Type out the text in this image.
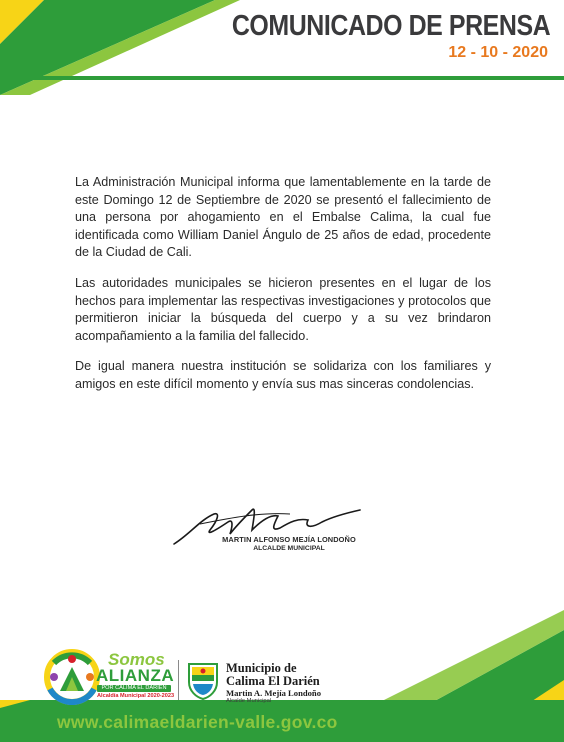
COMUNICADO DE PRENSA
12 - 10 - 2020

La Administración Municipal informa que lamentablemente en la tarde de este Domingo 12 de Septiembre de 2020 se presentó el fallecimiento de una persona por ahogamiento en el Embalse Calima, la cual fue identificada como William Daniel Ángulo de 25 años de edad, procedente de la Ciudad de Cali.

Las autoridades municipales se hicieron presentes en el lugar de los hechos para implementar las respectivas investigaciones y protocolos que permitieron iniciar la búsqueda del cuerpo y a su vez brindaron acompañamiento a la familia del fallecido.

De igual manera nuestra institución se solidariza con los familiares y amigos en este difícil momento y envía sus mas sinceras condolencias.

MARTIN ALFONSO MEJÍA LONDOÑO
ALCALDE MUNICIPAL
Somos
ALIANZA
POR CALIMA EL DARIÉN
Alcaldía Municipal 2020-2023
Municipio de
Calima El Darién
Martin A. Mejía Londoño
Alcalde Municipal
www.calimaeldarien-valle.gov.co
